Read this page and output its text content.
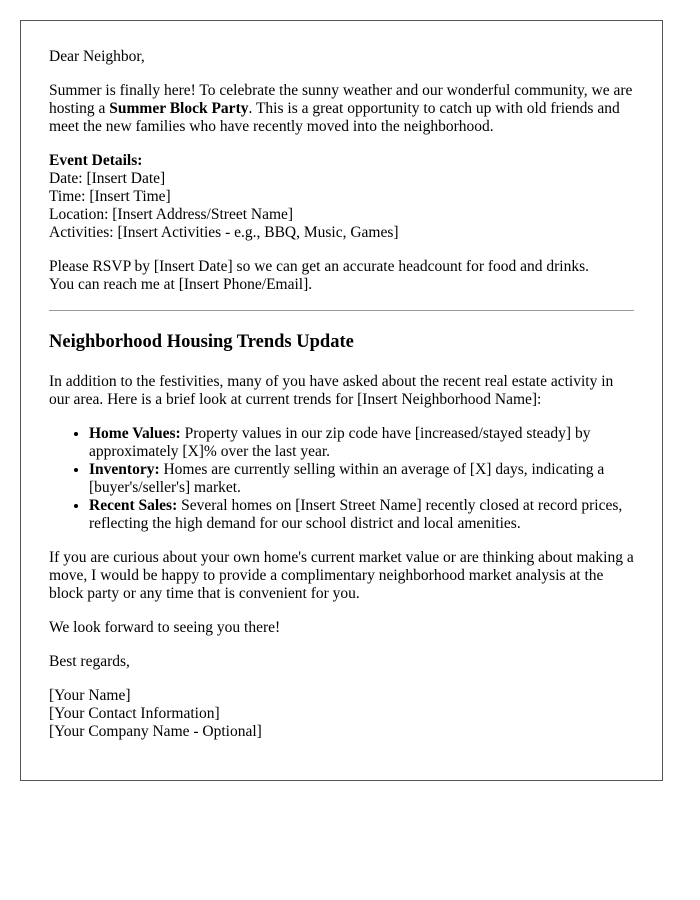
Dear Neighbor,

Summer is finally here! To celebrate the sunny weather and our wonderful community, we are hosting a Summer Block Party. This is a great opportunity to catch up with old friends and meet the new families who have recently moved into the neighborhood.

Event Details:
Date: [Insert Date]
Time: [Insert Time]
Location: [Insert Address/Street Name]
Activities: [Insert Activities - e.g., BBQ, Music, Games]

Please RSVP by [Insert Date] so we can get an accurate headcount for food and drinks.
You can reach me at [Insert Phone/Email].

Neighborhood Housing Trends Update

In addition to the festivities, many of you have asked about the recent real estate activity in our area. Here is a brief look at current trends for [Insert Neighborhood Name]:

• Home Values: Property values in our zip code have [increased/stayed steady] by approximately [X]% over the last year.
• Inventory: Homes are currently selling within an average of [X] days, indicating a [buyer's/seller's] market.
• Recent Sales: Several homes on [Insert Street Name] recently closed at record prices, reflecting the high demand for our school district and local amenities.

If you are curious about your own home's current market value or are thinking about making a move, I would be happy to provide a complimentary neighborhood market analysis at the block party or any time that is convenient for you.

We look forward to seeing you there!

Best regards,

[Your Name]
[Your Contact Information]
[Your Company Name - Optional]
